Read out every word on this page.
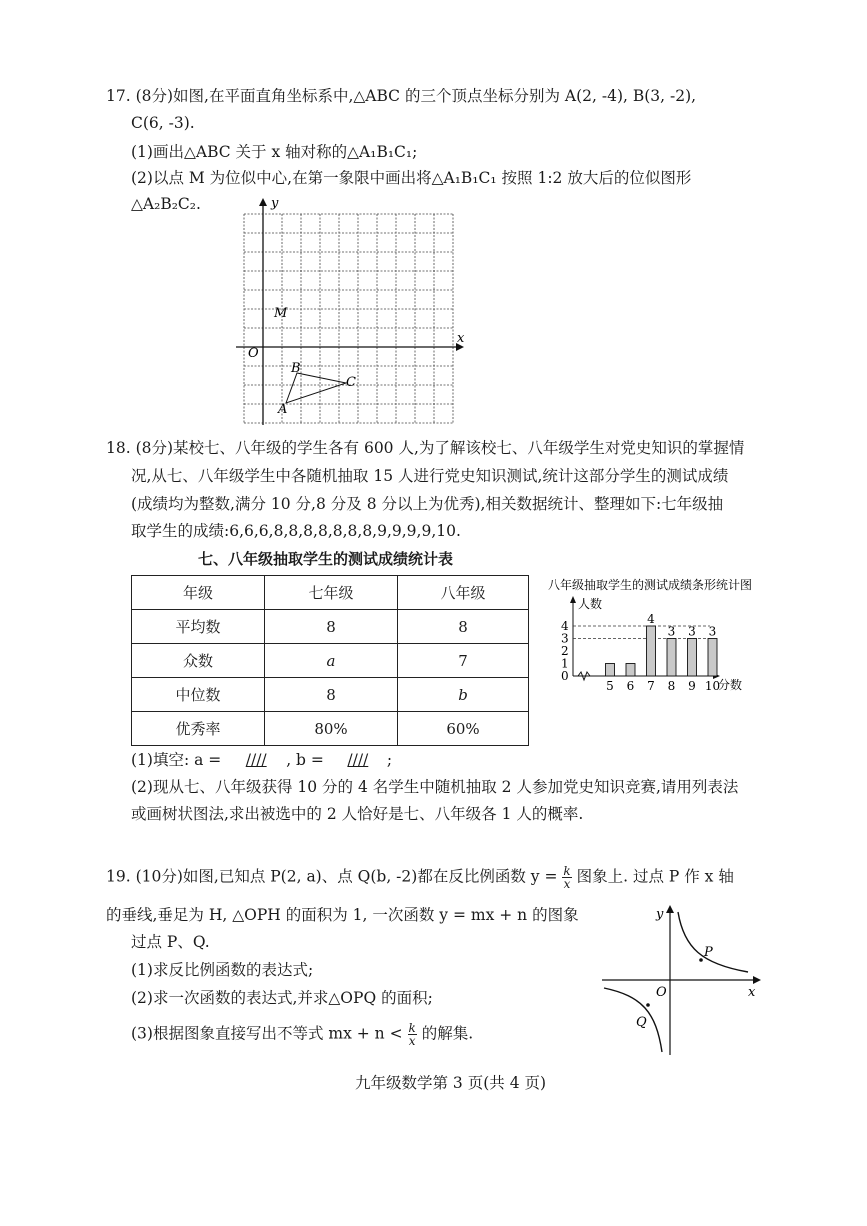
17. (8分)如图,在平面直角坐标系中,△ABC 的三个顶点坐标分别为 A(2, -4), B(3, -2),
C(6, -3).
(1)画出△ABC 关于 x 轴对称的△A₁B₁C₁;
(2)以点 M 为位似中心,在第一象限中画出将△A₁B₁C₁ 按照 1:2 放大后的位似图形
△A₂B₂C₂.	y
x
O
M
A
B
C
18. (8分)某校七、八年级的学生各有 600 人,为了解该校七、八年级学生对党史知识的掌握情
况,从七、八年级学生中各随机抽取 15 人进行党史知识测试,统计这部分学生的测试成绩
(成绩均为整数,满分 10 分,8 分及 8 分以上为优秀),相关数据统计、整理如下:七年级抽
取学生的成绩:6,6,6,8,8,8,8,8,8,8,9,9,9,9,10.
七、八年级抽取学生的测试成绩统计表
年级	七年级	八年级
平均数	8	8
众数	a	7
中位数	8	b
优秀率	80%	60%
八年级抽取学生的测试成绩条形统计图
人数
分数
0
1
2
3
4
5 6 7
4
8
3
9
3
10
3
(1)填空: a = //// , b = //// ;
(2)现从七、八年级获得 10 分的 4 名学生中随机抽取 2 人参加党史知识竞赛,请用列表法
或画树状图法,求出被选中的 2 人恰好是七、八年级各 1 人的概率.
19. (10分)如图,已知点 P(2, a)、点 Q(b, -2)都在反比例函数 $y = \frac{k}{x}$ 图象上. 过点 P 作 x 轴
的垂线,垂足为 H, △OPH 的面积为 1, 一次函数 y = mx + n 的图象
过点 P、Q.
(1)求反比例函数的表达式;
(2)求一次函数的表达式,并求△OPQ 的面积;
(3)根据图象直接写出不等式 mx + $n < \frac{k}{x}$ 的解集.
y
x
O
P
Q
九年级数学第 3 页(共 4 页)
